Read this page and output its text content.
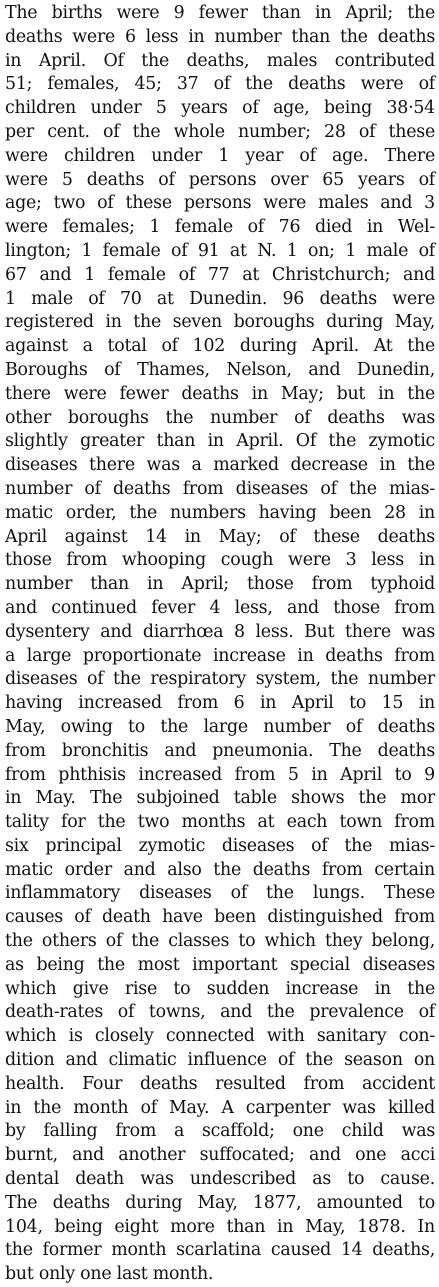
The births were 9 fewer than in April; the
deaths were 6 less in number than the deaths
in April. Of the deaths, males contributed
51; females, 45; 37 of the deaths were of
children under 5 years of age, being 38·54
per cent. of the whole number; 28 of these
were children under 1 year of age. There
were 5 deaths of persons over 65 years of
age; two of these persons were males and 3
were females; 1 female of 76 died in Wel-
lington; 1 female of 91 at N. 1 on; 1 male of
67 and 1 female of 77 at Christchurch; and
1 male of 70 at Dunedin. 96 deaths were
registered in the seven boroughs during May,
against a total of 102 during April. At the
Boroughs of Thames, Nelson, and Dunedin,
there were fewer deaths in May; but in the
other boroughs the number of deaths was
slightly greater than in April. Of the zymotic
diseases there was a marked decrease in the
number of deaths from diseases of the mias-
matic order, the numbers having been 28 in
April against 14 in May; of these deaths
those from whooping cough were 3 less in
number than in April; those from typhoid
and continued fever 4 less, and those from
dysentery and diarrhœa 8 less. But there was
a large proportionate increase in deaths from
diseases of the respiratory system, the number
having increased from 6 in April to 15 in
May, owing to the large number of deaths
from bronchitis and pneumonia. The deaths
from phthisis increased from 5 in April to 9
in May. The subjoined table shows the mor
tality for the two months at each town from
six principal zymotic diseases of the mias-
matic order and also the deaths from certain
inflammatory diseases of the lungs. These
causes of death have been distinguished from
the others of the classes to which they belong,
as being the most important special diseases
which give rise to sudden increase in the
death-rates of towns, and the prevalence of
which is closely connected with sanitary con-
dition and climatic influence of the season on
health. Four deaths resulted from accident
in the month of May. A carpenter was killed
by falling from a scaffold; one child was
burnt, and another suffocated; and one acci
dental death was undescribed as to cause.
The deaths during May, 1877, amounted to
104, being eight more than in May, 1878. In
the former month scarlatina caused 14 deaths,
but only one last month.
